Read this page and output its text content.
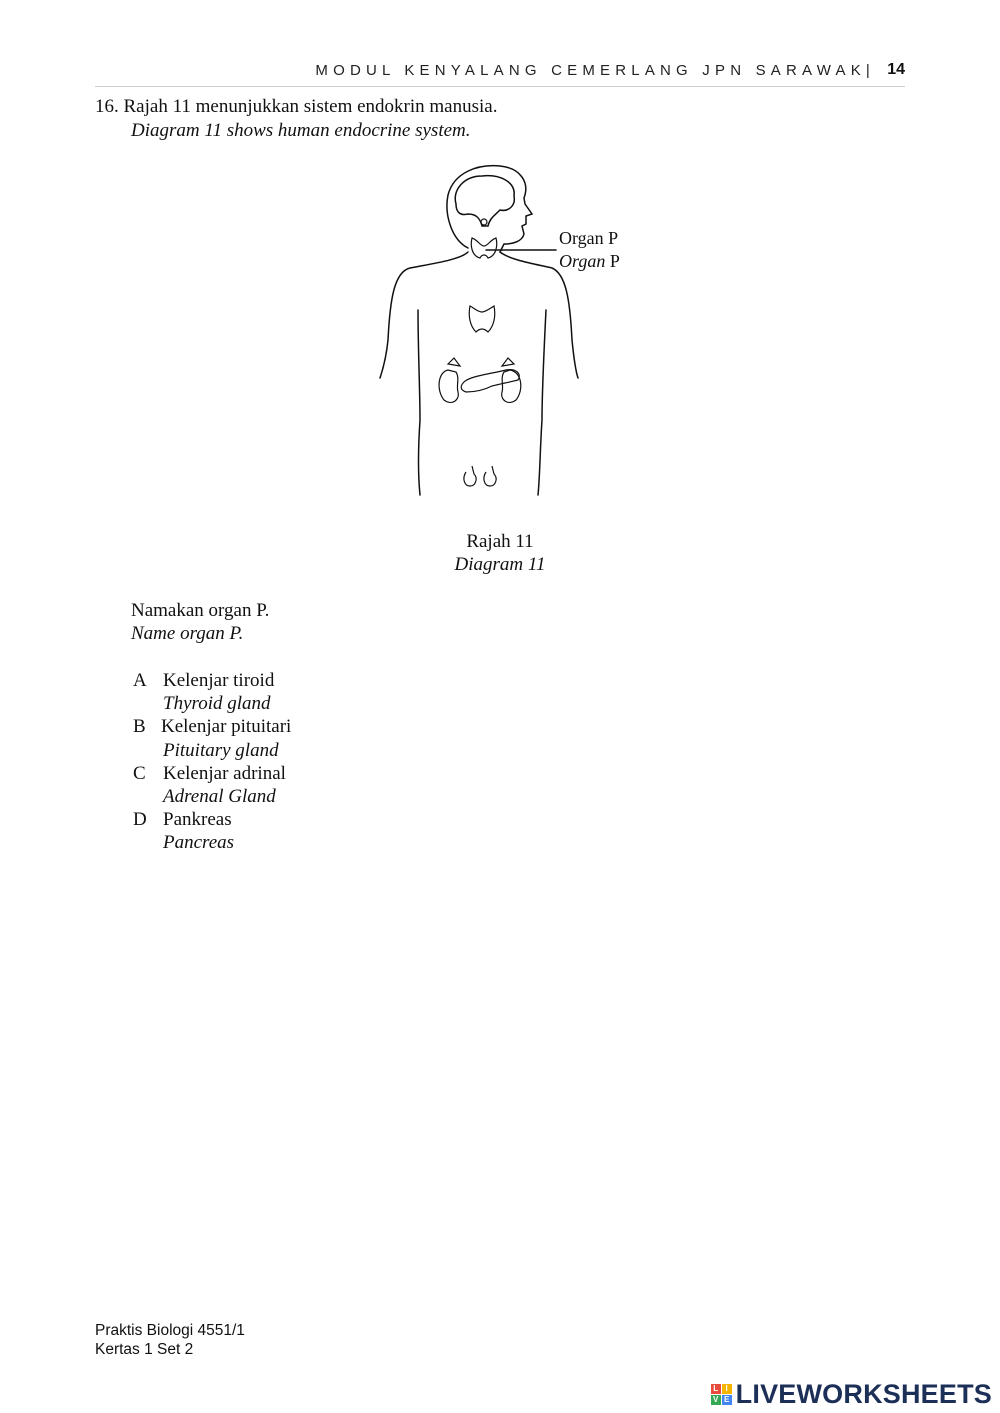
MODUL KENYALANG CEMERLANG JPN SARAWAK| 14
16. Rajah 11 menunjukkan sistem endokrin manusia.
Diagram 11 shows human endocrine system.
Organ P
Organ P
Rajah 11
Diagram 11
Namakan organ P.
Name organ P.
A Kelenjar tiroid
Thyroid gland
B Kelenjar pituitari
Pituitary gland
C Kelenjar adrinal
Adrenal Gland
D Pankreas
Pancreas
Praktis Biologi 4551/1
Kertas 1 Set 2
L I
V E LIVEWORKSHEETS
